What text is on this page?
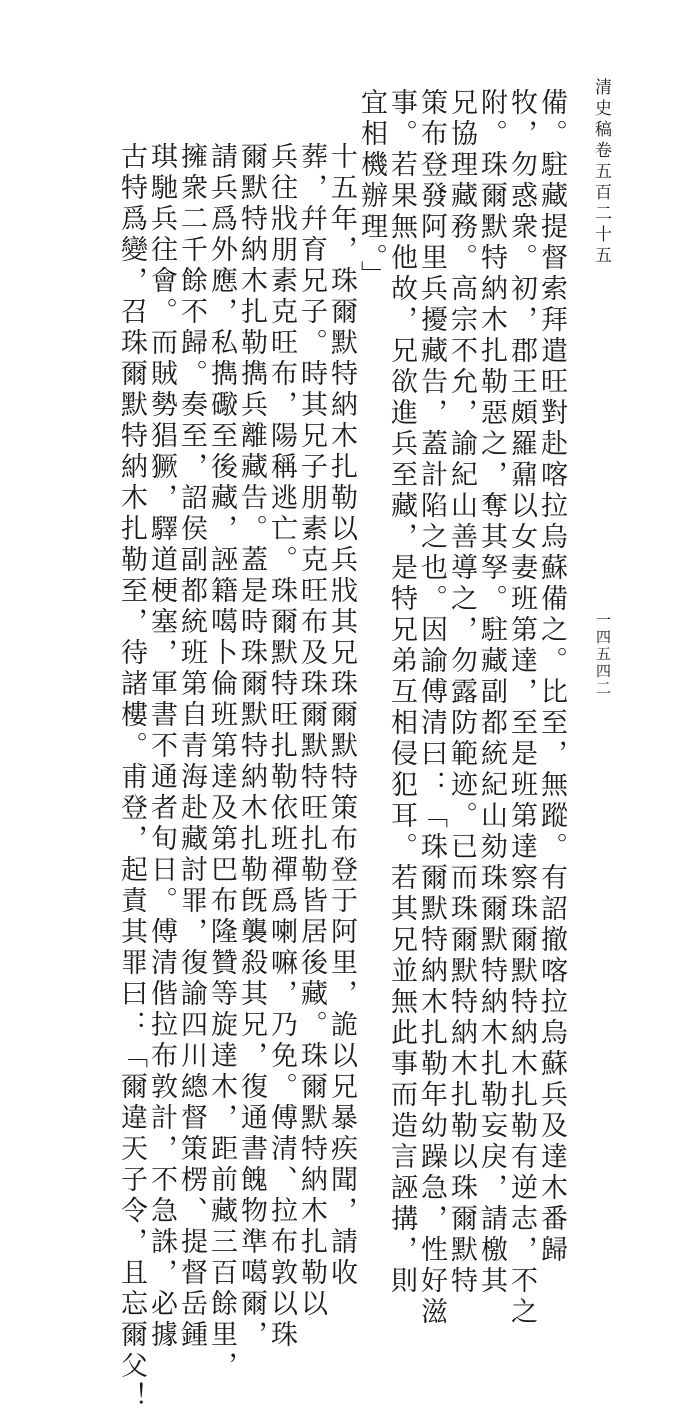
清史稿卷五百二十五
一四五四二
備。駐藏提督索拜遣旺對赴喀拉烏蘇備之。比至，無蹤。有詔撤喀拉烏蘇兵及達木番歸
牧，勿惑衆。初，郡王頗羅鼐以女妻班第達，至是班第達察珠爾默特納木扎勒有逆志，不之
附。珠爾默特納木扎勒惡之，奪其孥。駐藏副都統紀山劾珠爾默特納木扎勒妄戾，請檄其
兄協理藏務。高宗不允，諭紀山善導之，勿露防範迹。已而珠爾默特納木扎勒以珠爾默特
策布登發阿里兵擾藏告，蓋計陷之也。因諭傅清曰：「珠爾默特納木扎勒年幼躁急，性好滋
事。若果無他故，兄欲進兵至藏，是特兄弟互相侵犯耳。若其兄並無此事而造言誣搆，則
宜相機辦理。」
十五年，珠爾默特納木扎勒以兵戕其兄珠爾默特策布登于阿里，詭以兄暴疾聞，請收
葬，幷育兄子。時其兄子朋素克旺布及珠爾默特旺扎勒皆居後藏。珠爾默特納木扎勒以
兵往戕朋素克旺布，陽稱逃亡。珠爾默特旺扎勒依班禪爲喇嘛，乃免。傅清、拉布敦以珠
爾默特納木扎勒擕兵離藏告。蓋是時珠爾默特納木扎勒旣襲殺其兄，復通書餽物準噶爾，
請兵爲外應，私擕礮至後藏，誣籍噶卜倫班第達及第巴布隆贊等旋達木，距前藏三百餘里，
擁衆二千餘不歸。奏至，詔侯副都統班第自青海赴藏討罪，復諭四川總督策楞、提督岳鍾
琪馳兵往會。而賊勢猖獗，驛道梗塞，軍書不通者旬日。傅清偕拉布敦計，不急誅，必據
古特爲變，召珠爾默特納木扎勒至，待諸樓。甫登，起責其罪曰：「爾違天子令，且忘爾父！
